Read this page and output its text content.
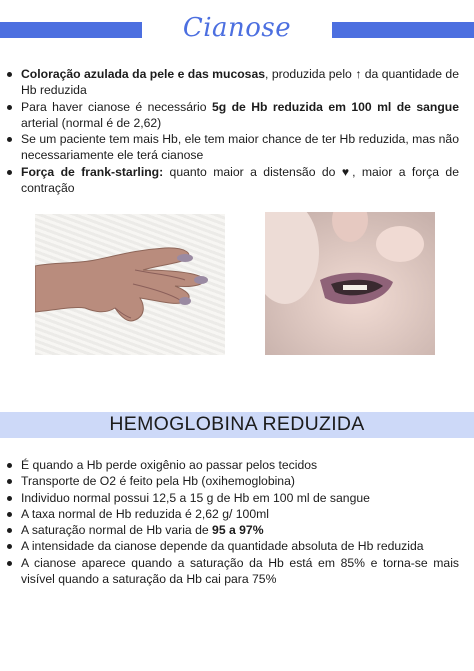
Cianose
Coloração azulada da pele e das mucosas, produzida pelo ↑ da quantidade de Hb reduzida
Para haver cianose é necessário 5g de Hb reduzida em 100 ml de sangue arterial (normal é de 2,62)
Se um paciente tem mais Hb, ele tem maior chance de ter Hb reduzida, mas não necessariamente ele terá cianose
Força de frank-starling: quanto maior a distensão do ♥, maior a força de contração
HEMOGLOBINA REDUZIDA
É quando a Hb perde oxigênio ao passar pelos tecidos
Transporte de O2 é feito pela Hb (oxihemoglobina)
Individuo normal possui 12,5 a 15 g de Hb em 100 ml de sangue
A taxa normal de Hb reduzida é 2,62 g/ 100ml
A saturação normal de Hb varia de 95 a 97%
A intensidade da cianose depende da quantidade absoluta de Hb reduzida
A cianose aparece quando a saturação da Hb está em 85% e torna-se mais visível quando a saturação da Hb cai para 75%
